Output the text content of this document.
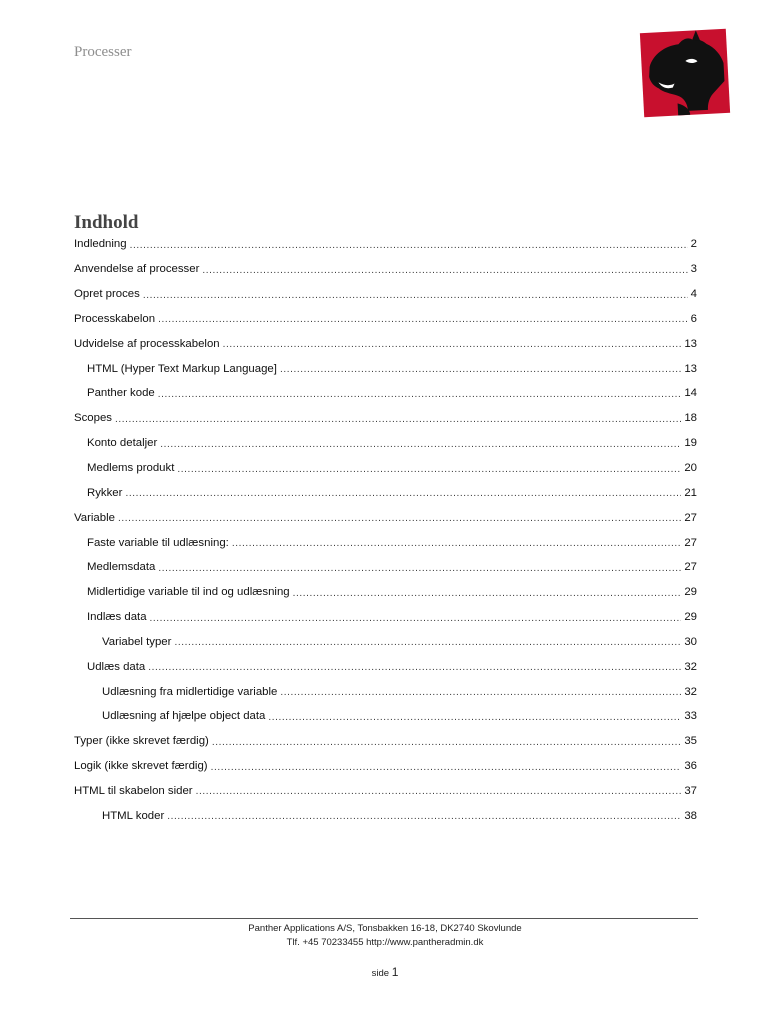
Processer
Indhold
Indledning .....	2
Anvendelse af processer .....	3
Opret proces .....	4
Processkabelon .....	6
Udvidelse af processkabelon .....	13
HTML (Hyper Text Markup Language] .....	13
Panther kode .....	14
Scopes .....	18
Konto detaljer .....	19
Medlems produkt .....	20
Rykker .....	21
Variable .....	27
Faste variable til udlæsning: .....	27
Medlemsdata .....	27
Midlertidige variable til ind og udlæsning .....	29
Indlæs data .....	29
Variabel typer .....	30
Udlæs data .....	32
Udlæsning fra midlertidige variable .....	32
Udlæsning af hjælpe object data .....	33
Typer (ikke skrevet færdig) .....	35
Logik (ikke skrevet færdig) .....	36
HTML til skabelon sider .....	37
HTML koder .....	38
Panther Applications A/S, Tonsbakken 16-18, DK2740 Skovlunde
Tlf. +45 70233455 http://www.pantheradmin.dk
side 1
